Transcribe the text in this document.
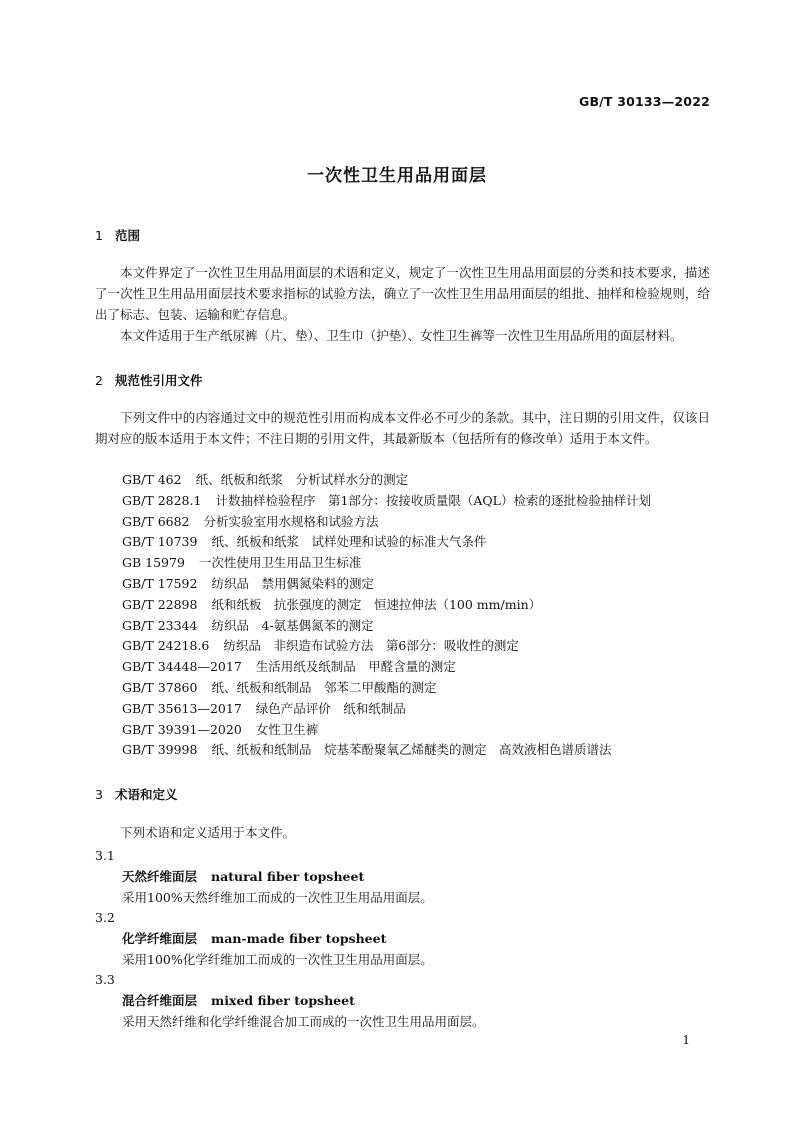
GB/T 30133—2022
一次性卫生用品用面层
1 范围

本文件界定了一次性卫生用品用面层的术语和定义，规定了一次性卫生用品用面层的分类和技术要求，描述了一次性卫生用品用面层技术要求指标的试验方法，确立了一次性卫生用品用面层的组批、抽样和检验规则，给出了标志、包装、运输和贮存信息。

本文件适用于生产纸尿裤（片、垫）、卫生巾（护垫）、女性卫生裤等一次性卫生用品所用的面层材料。

2 规范性引用文件

下列文件中的内容通过文中的规范性引用而构成本文件必不可少的条款。其中，注日期的引用文件，仅该日期对应的版本适用于本文件；不注日期的引用文件，其最新版本（包括所有的修改单）适用于本文件。

GB/T 462 纸、纸板和纸浆　分析试样水分的测定
GB/T 2828.1 计数抽样检验程序　第1部分：按接收质量限（AQL）检索的逐批检验抽样计划
GB/T 6682 分析实验室用水规格和试验方法
GB/T 10739 纸、纸板和纸浆　试样处理和试验的标准大气条件
GB 15979 一次性使用卫生用品卫生标准
GB/T 17592 纺织品　禁用偶氮染料的测定
GB/T 22898 纸和纸板　抗张强度的测定　恒速拉伸法（100 mm/min）
GB/T 23344 纺织品　4-氨基偶氮苯的测定
GB/T 24218.6 纺织品　非织造布试验方法　第6部分：吸收性的测定
GB/T 34448—2017 生活用纸及纸制品　甲醛含量的测定
GB/T 37860 纸、纸板和纸制品　邻苯二甲酸酯的测定
GB/T 35613—2017 绿色产品评价　纸和纸制品
GB/T 39391—2020 女性卫生裤
GB/T 39998 纸、纸板和纸制品　烷基苯酚聚氧乙烯醚类的测定　高效液相色谱质谱法
3 术语和定义

下列术语和定义适用于本文件。

3.1
天然纤维面层 natural fiber topsheet
采用100%天然纤维加工而成的一次性卫生用品用面层。
3.2
化学纤维面层 man-made fiber topsheet
采用100%化学纤维加工而成的一次性卫生用品用面层。
3.3
混合纤维面层 mixed fiber topsheet
采用天然纤维和化学纤维混合加工而成的一次性卫生用品用面层。
1
